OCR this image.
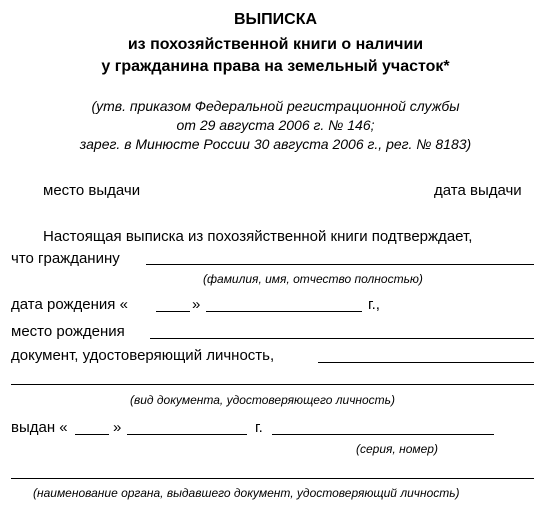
ВЫПИСКА
из похозяйственной книги о наличии
у гражданина права на земельный участок*
(утв. приказом Федеральной регистрационной службы
от 29 августа 2006 г. № 146;
зарег. в Минюсте России 30 августа 2006 г., рег. № 8183)
место выдачи	дата выдачи
Настоящая выписка из похозяйственной книги подтверждает,
что гражданину
(фамилия, имя, отчество полностью)
дата рождения «	»	г.,
место рождения
документ, удостоверяющий личность,
(вид документа, удостоверяющего личность)
выдан «	»	г.
(серия, номер)
(наименование органа, выдавшего документ, удостоверяющий личность)
